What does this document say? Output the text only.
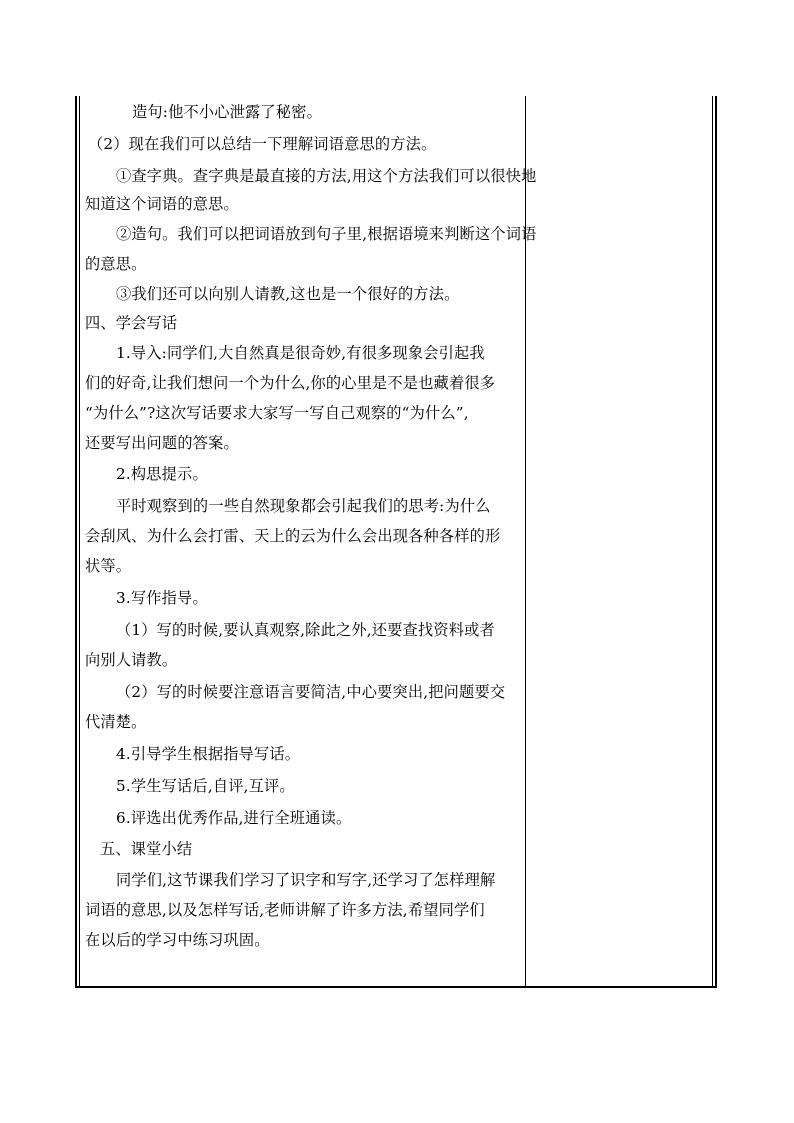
造句:他不小心泄露了秘密。
（2）现在我们可以总结一下理解词语意思的方法。
①查字典。查字典是最直接的方法,用这个方法我们可以很快地
知道这个词语的意思。
②造句。我们可以把词语放到句子里,根据语境来判断这个词语
的意思。
③我们还可以向别人请教,这也是一个很好的方法。
四、学会写话
1.导入:同学们,大自然真是很奇妙,有很多现象会引起我
们的好奇,让我们想问一个为什么,你的心里是不是也藏着很多
“为什么”?这次写话要求大家写一写自己观察的“为什么”,
还要写出问题的答案。
2.构思提示。
平时观察到的一些自然现象都会引起我们的思考:为什么
会刮风、为什么会打雷、天上的云为什么会出现各种各样的形
状等。
3.写作指导。
（1）写的时候,要认真观察,除此之外,还要查找资料或者
向别人请教。
（2）写的时候要注意语言要简洁,中心要突出,把问题要交
代清楚。
4.引导学生根据指导写话。
5.学生写话后,自评,互评。
6.评选出优秀作品,进行全班通读。
五、课堂小结
同学们,这节课我们学习了识字和写字,还学习了怎样理解
词语的意思,以及怎样写话,老师讲解了许多方法,希望同学们
在以后的学习中练习巩固。
